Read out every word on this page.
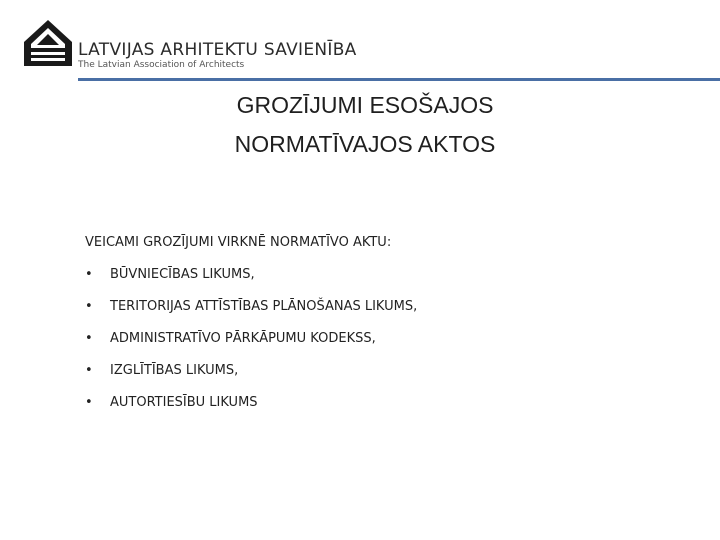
LATVIJAS ARHITEKTU SAVIENĪBA
The Latvian Association of Architects
GROZĪJUMI ESOŠAJOS
NORMATĪVAJOS AKTOS
VEICAMI GROZĪJUMI VIRKNĒ NORMATĪVO AKTU:
• BŪVNIECĪBAS LIKUMS,
• TERITORIJAS ATTĪSTĪBAS PLĀNOŠANAS LIKUMS,
• ADMINISTRATĪVO PĀRKĀPUMU KODEKSS,
• IZGLĪTĪBAS LIKUMS,
• AUTORTIESĪBU LIKUMS
